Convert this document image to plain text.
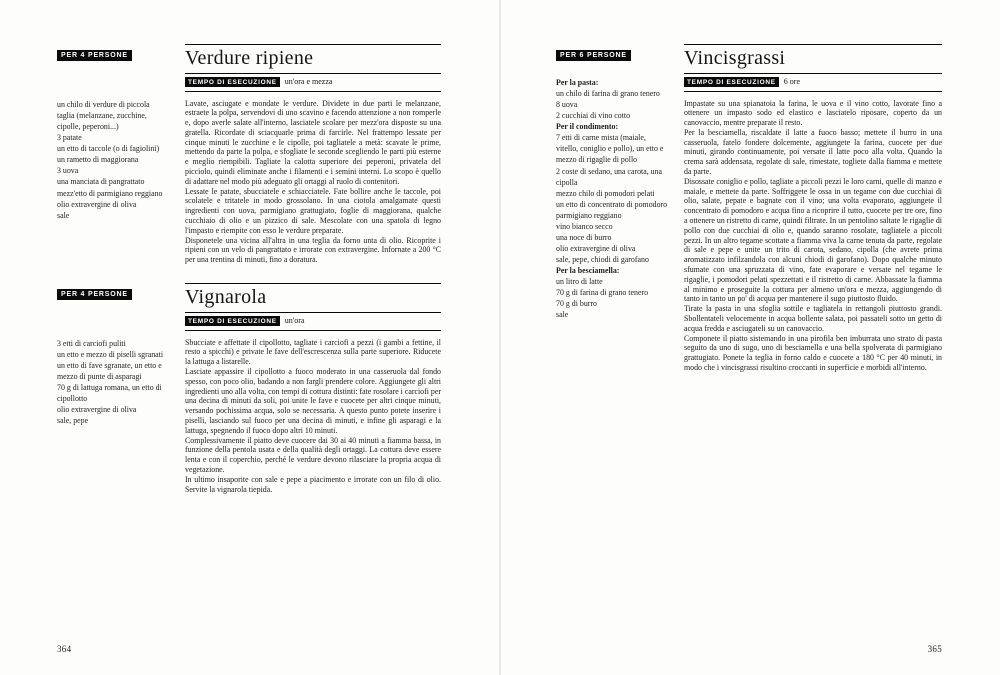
PER 4 PERSONE
un chilo di verdure di piccola taglia (melanzane, zucchine, cipolle, peperoni...)
3 patate
un etto di taccole (o di fagiolini)
un rametto di maggiorana
3 uova
una manciata di pangrattato
mezz'etto di parmigiano reggiano
olio extravergine di oliva
sale
Verdure ripiene
TEMPO DI ESECUZIONE	un'ora e mezza

Lavate, asciugate e mondate le verdure. Dividete in due parti le melanzane, estraete la polpa, servendovi di uno scavino e facendo attenzione a non romperle e, dopo averle salate all'interno, lasciatele scolare per mezz'ora disposte su una gratella. Ricordate di sciacquarle prima di farcirle. Nel frattempo lessate per cinque minuti le zucchine e le cipolle, poi tagliatele a metà: scavate le prime, mettendo da parte la polpa, e sfogliate le seconde scegliendo le parti più esterne e meglio riempibili. Tagliate la calotta superiore dei peperoni, privatela del picciolo, quindi eliminate anche i filamenti e i semini interni. Lo scopo è quello di adattare nel modo più adeguato gli ortaggi al ruolo di contenitori.

Lessate le patate, sbucciatele e schiacciatele. Fate bollire anche le taccole, poi scolatele e tritatele in modo grossolano. In una ciotola amalgamate questi ingredienti con uova, parmigiano grattugiato, foglie di maggiorana, qualche cucchiaio di olio e un pizzico di sale. Mescolate con una spatola di legno l'impasto e riempite con esso le verdure preparate.

Disponetele una vicina all'altra in una teglia da forno unta di olio. Ricoprite i ripieni con un velo di pangrattato e irrorate con extravergine. Infornate a 200 °C per una trentina di minuti, fino a doratura.

PER 4 PERSONE
3 etti di carciofi puliti
un etto e mezzo di piselli sgranati
un etto di fave sgranate, un etto e mezzo di punte di asparagi
70 g di lattuga romana, un etto di cipollotto
olio extravergine di oliva
sale, pepe
Vignarola
TEMPO DI ESECUZIONE	un'ora

Sbucciate e affettate il cipollotto, tagliate i carciofi a pezzi (i gambi a fettine, il resto a spicchi) e private le fave dell'escrescenza sulla parte superiore. Riducete la lattuga a listarelle.

Lasciate appassire il cipollotto a fuoco moderato in una casseruola dal fondo spesso, con poco olio, badando a non fargli prendere colore. Aggiungete gli altri ingredienti uno alla volta, con tempi di cottura distinti: fate rosolare i carciofi per una decina di minuti da soli, poi unite le fave e cuocete per altri cinque minuti, versando pochissima acqua, solo se necessaria. A questo punto potete inserire i piselli, lasciando sul fuoco per una decina di minuti, e infine gli asparagi e la lattuga, spegnendo il fuoco dopo altri 10 minuti.

Complessivamente il piatto deve cuocere dai 30 ai 40 minuti a fiamma bassa, in funzione della pentola usata e della qualità degli ortaggi. La cottura deve essere lenta e con il coperchio, perché le verdure devono rilasciare la propria acqua di vegetazione.

In ultimo insaporite con sale e pepe a piacimento e irrorate con un filo di olio. Servite la vignarola tiepida.

PER 6 PERSONE
Per la pasta:
un chilo di farina di grano tenero
8 uova
2 cucchiai di vino cotto
Per il condimento:
7 etti di carne mista (maiale, vitello, coniglio e pollo), un etto e mezzo di rigaglie di pollo
2 coste di sedano, una carota, una cipolla
mezzo chilo di pomodori pelati
un etto di concentrato di pomodoro
parmigiano reggiano
vino bianco secco
una noce di burro
olio extravergine di oliva
sale, pepe, chiodi di garofano
Per la besciamella:
un litro di latte
70 g di farina di grano tenero
70 g di burro
sale
Vincisgrassi
TEMPO DI ESECUZIONE	6 ore

Impastate su una spianatoia la farina, le uova e il vino cotto, lavorate fino a ottenere un impasto sodo ed elastico e lasciatelo riposare, coperto da un canovaccio, mentre preparate il resto.

Per la besciamella, riscaldate il latte a fuoco basso; mettete il burro in una casseruola, fatelo fondere dolcemente, aggiungete la farina, cuocete per due minuti, girando continuamente, poi versate il latte poco alla volta. Quando la crema sarà addensata, regolate di sale, rimestate, togliete dalla fiamma e mettete da parte.

Disossate coniglio e pollo, tagliate a piccoli pezzi le loro carni, quelle di manzo e maiale, e mettete da parte. Soffriggete le ossa in un tegame con due cucchiai di olio, salate, pepate e bagnate con il vino; una volta evaporato, aggiungete il concentrato di pomodoro e acqua fino a ricoprire il tutto, cuocete per tre ore, fino a ottenere un ristretto di carne, quindi filtrate. In un pentolino saltate le rigaglie di pollo con due cucchiai di olio e, quando saranno rosolate, tagliatele a piccoli pezzi. In un altro tegame scottate a fiamma viva la carne tenuta da parte, regolate di sale e pepe e unite un trito di carota, sedano, cipolla (che avrete prima aromatizzato infilzandola con alcuni chiodi di garofano). Dopo qualche minuto sfumate con una spruzzata di vino, fate evaporare e versate nel tegame le rigaglie, i pomodori pelati spezzettati e il ristretto di carne. Abbassate la fiamma al minimo e proseguite la cottura per almeno un'ora e mezza, aggiungendo di tanto in tanto un po' di acqua per mantenere il sugo piuttosto fluido.

Tirate la pasta in una sfoglia sottile e tagliatela in rettangoli piuttosto grandi. Sbollentateli velocemente in acqua bollente salata, poi passateli sotto un getto di acqua fredda e asciugateli su un canovaccio.

Componete il piatto sistemando in una pirofila ben imburrata uno strato di pasta seguito da uno di sugo, uno di besciamella e una bella spolverata di parmigiano grattugiato. Ponete la teglia in forno caldo e cuocete a 180 °C per 40 minuti, in modo che i vincisgrassi risultino croccanti in superficie e morbidi all'interno.

364	365
